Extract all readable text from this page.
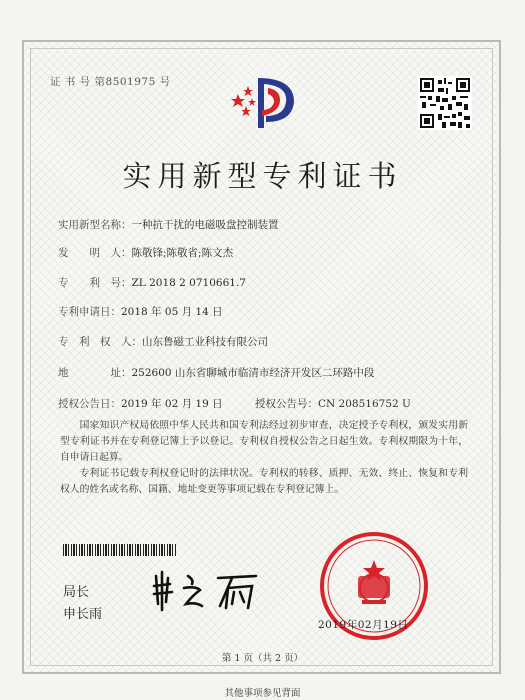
证 书 号 第8501975 号
实用新型专利证书
实用新型名称：一种抗干扰的电磁吸盘控制装置
发　　明　人：陈敬锋;陈敬省;陈文杰
专　　利　号：ZL 2018 2 0710661.7
专利申请日：2018 年 05 月 14 日
专　利　权　人：山东鲁磁工业科技有限公司
地　　　　址：252600 山东省聊城市临清市经济开发区二环路中段
授权公告日：2019 年 02 月 19 日	授权公告号：CN 208516752 U
国家知识产权局依照中华人民共和国专利法经过初步审查，决定授予专利权，颁发实用新型专利证书并在专利登记簿上予以登记。专利权自授权公告之日起生效。专利权期限为十年，自申请日起算。
专利证书记载专利权登记时的法律状况。专利权的转移、质押、无效、终止、恢复和专利权人的姓名或名称、国籍、地址变更等事项记载在专利登记簿上。
局长
申长雨
2019年02月19日
第 1 页（共 2 页）
其他事项参见背面
